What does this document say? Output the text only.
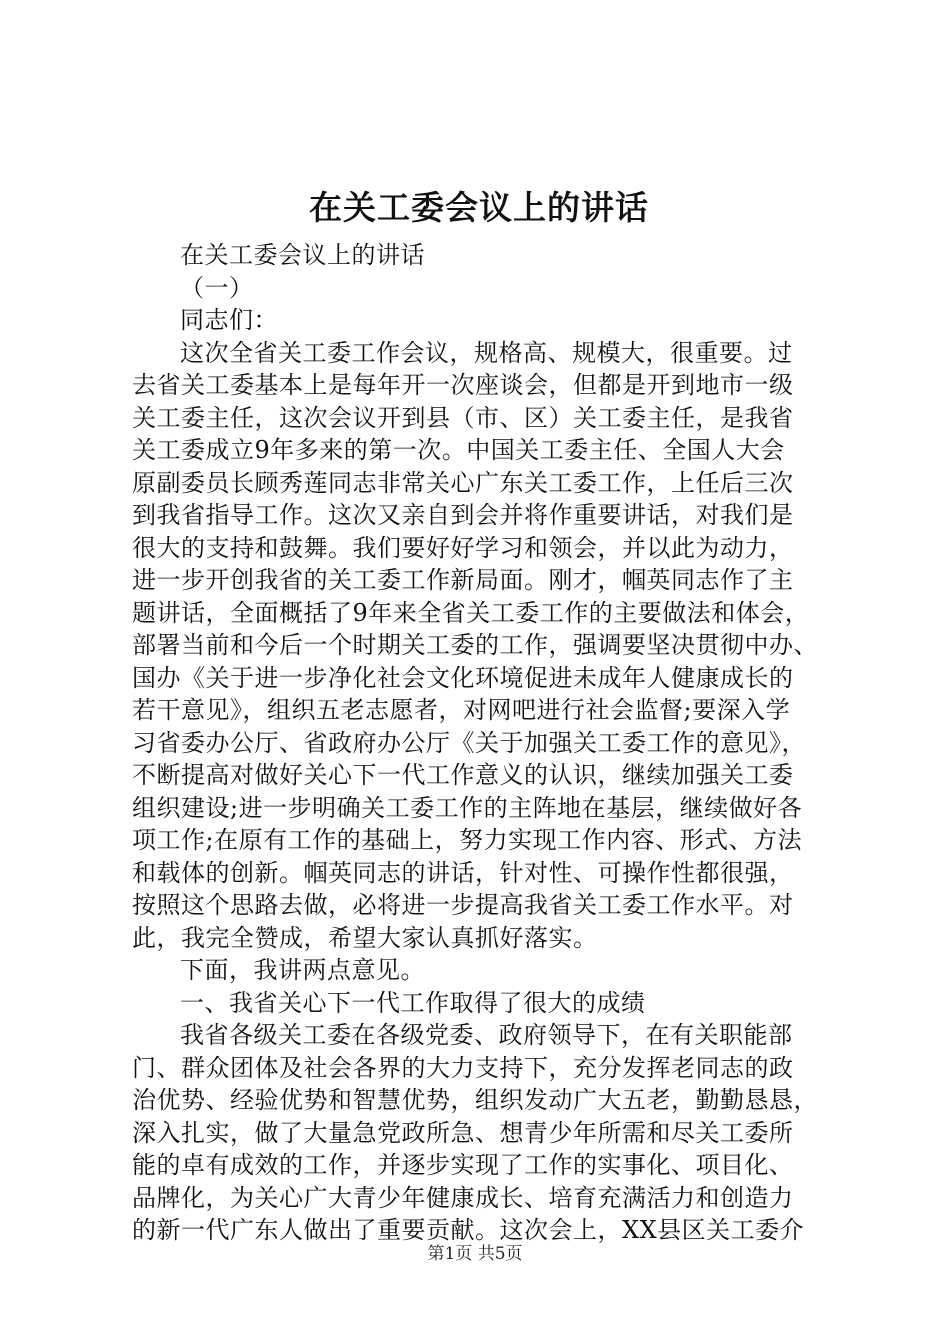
在关工委会议上的讲话
在关工委会议上的讲话
（一）
同志们：
这次全省关工委工作会议，规格高、规模大，很重要。过
去省关工委基本上是每年开一次座谈会，但都是开到地市一级
关工委主任，这次会议开到县（市、区）关工委主任，是我省
关工委成立9年多来的第一次。中国关工委主任、全国人大会
原副委员长顾秀莲同志非常关心广东关工委工作，上任后三次
到我省指导工作。这次又亲自到会并将作重要讲话，对我们是
很大的支持和鼓舞。我们要好好学习和领会，并以此为动力，
进一步开创我省的关工委工作新局面。刚才，帼英同志作了主
题讲话，全面概括了9年来全省关工委工作的主要做法和体会，
部署当前和今后一个时期关工委的工作，强调要坚决贯彻中办、
国办《关于进一步净化社会文化环境促进未成年人健康成长的
若干意见》，组织五老志愿者，对网吧进行社会监督;要深入学
习省委办公厅、省政府办公厅《关于加强关工委工作的意见》，
不断提高对做好关心下一代工作意义的认识，继续加强关工委
组织建设;进一步明确关工委工作的主阵地在基层，继续做好各
项工作;在原有工作的基础上，努力实现工作内容、形式、方法
和载体的创新。帼英同志的讲话，针对性、可操作性都很强，
按照这个思路去做，必将进一步提高我省关工委工作水平。对
此，我完全赞成，希望大家认真抓好落实。
下面，我讲两点意见。
一、我省关心下一代工作取得了很大的成绩
我省各级关工委在各级党委、政府领导下，在有关职能部
门、群众团体及社会各界的大力支持下，充分发挥老同志的政
治优势、经验优势和智慧优势，组织发动广大五老，勤勤恳恳，
深入扎实，做了大量急党政所急、想青少年所需和尽关工委所
能的卓有成效的工作，并逐步实现了工作的实事化、项目化、
品牌化，为关心广大青少年健康成长、培育充满活力和创造力
的新一代广东人做出了重要贡献。这次会上，XX县区关工委介
第1页 共5页
